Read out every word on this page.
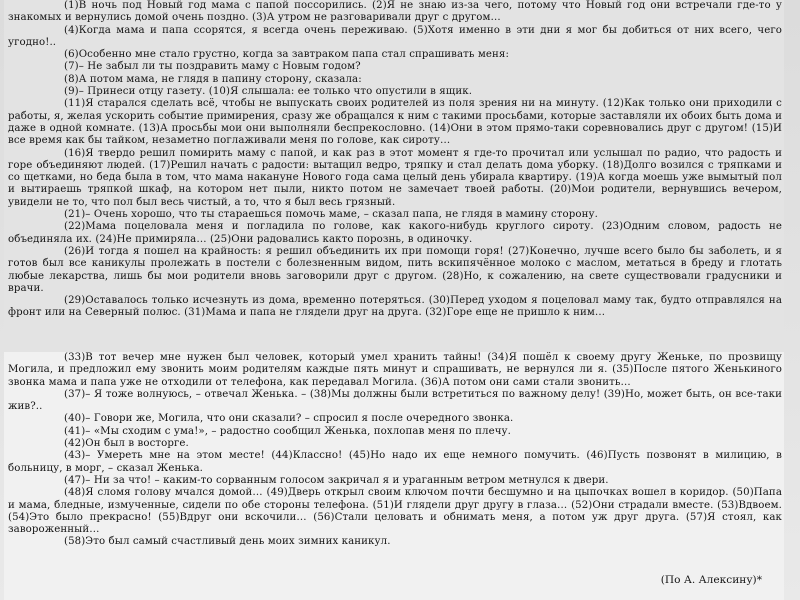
(1)В ночь под Новый год мама с папой поссорились. (2)Я не знаю из-за чего, потому что Новый год они встречали где-то у знакомых и вернулись домой очень поздно. (3)А утром не разговаривали друг с другом…

(4)Когда мама и папа ссорятся, я всегда очень переживаю. (5)Хотя именно в эти дни я мог бы добиться от них всего, чего угодно!..

(6)Особенно мне стало грустно, когда за завтраком папа стал спрашивать меня:

(7)– Не забыл ли ты поздравить маму с Новым годом?

(8)А потом мама, не глядя в папину сторону, сказала:

(9)– Принеси отцу газету. (10)Я слышала: ее только что опустили в ящик.

(11)Я старался сделать всё, чтобы не выпускать своих родителей из поля зрения ни на минуту. (12)Как только они приходили с работы, я, желая ускорить событие примирения, сразу же обращался к ним с такими просьбами, которые заставляли их обоих быть дома и даже в одной комнате. (13)А просьбы мои они выполняли беспрекословно. (14)Они в этом прямо-таки соревновались друг с другом! (15)И все время как бы тайком, незаметно поглаживали меня по голове, как сироту…

(16)Я твердо решил помирить маму с папой, и как раз в этот момент я где-то прочитал или услышал по радио, что радость и горе объединяют людей. (17)Решил начать с радости: вытащил ведро, тряпку и стал делать дома уборку. (18)Долго возился с тряпками и со щетками, но беда была в том, что мама накануне Нового года сама целый день убирала квартиру. (19)А когда моешь уже вымытый пол и вытираешь тряпкой шкаф, на котором нет пыли, никто потом не замечает твоей работы. (20)Мои родители, вернувшись вечером, увидели не то, что пол был весь чистый, а то, что я был весь грязный.

(21)– Очень хорошо, что ты стараешься помочь маме, – сказал папа, не глядя в мамину сторону.

(22)Мама поцеловала меня и погладила по голове, как какого-нибудь круглого сироту. (23)Одним словом, радость не объединяла их. (24)Не примиряла… (25)Они радовались както порознь, в одиночку.

(26)И тогда я пошел на крайность: я решил объединить их при помощи горя! (27)Конечно, лучше всего было бы заболеть, и я готов был все каникулы пролежать в постели с болезненным видом, пить вскипячённое молоко с маслом, метаться в бреду и глотать любые лекарства, лишь бы мои родители вновь заговорили друг с другом. (28)Но, к сожалению, на свете существовали градусники и врачи.

(29)Оставалось только исчезнуть из дома, временно потеряться. (30)Перед уходом я поцеловал маму так, будто отправлялся на фронт или на Северный полюс. (31)Мама и папа не глядели друг на друга. (32)Горе еще не пришло к ним…

(33)В тот вечер мне нужен был человек, который умел хранить тайны! (34)Я пошёл к своему другу Женьке, по прозвищу Могила, и предложил ему звонить моим родителям каждые пять минут и спрашивать, не вернулся ли я. (35)После пятого Женькиного звонка мама и папа уже не отходили от телефона, как передавал Могила. (36)А потом они сами стали звонить…

(37)– Я тоже волнуюсь, – отвечал Женька. – (38)Мы должны были встретиться по важному делу! (39)Но, может быть, он все-таки жив?..

(40)– Говори же, Могила, что они сказали? – спросил я после очередного звонка.

(41)– «Мы сходим с ума!», – радостно сообщил Женька, похлопав меня по плечу.

(42)Он был в восторге.

(43)– Умереть мне на этом месте! (44)Классно! (45)Но надо их еще немного помучить. (46)Пусть позвонят в милицию, в больницу, в морг, – сказал Женька.

(47)– Ни за что! – каким-то сорванным голосом закричал я и ураганным ветром метнулся к двери.

(48)Я сломя голову мчался домой… (49)Дверь открыл своим ключом почти бесшумно и на цыпочках вошел в коридор. (50)Папа и мама, бледные, измученные, сидели по обе стороны телефона. (51)И глядели друг другу в глаза… (52)Они страдали вместе. (53)Вдвоем. (54)Это было прекрасно! (55)Вдруг они вскочили… (56)Стали целовать и обнимать меня, а потом уж друг друга. (57)Я стоял, как завороженный…

(58)Это был самый счастливый день моих зимних каникул.

(По А. Алексину)*
